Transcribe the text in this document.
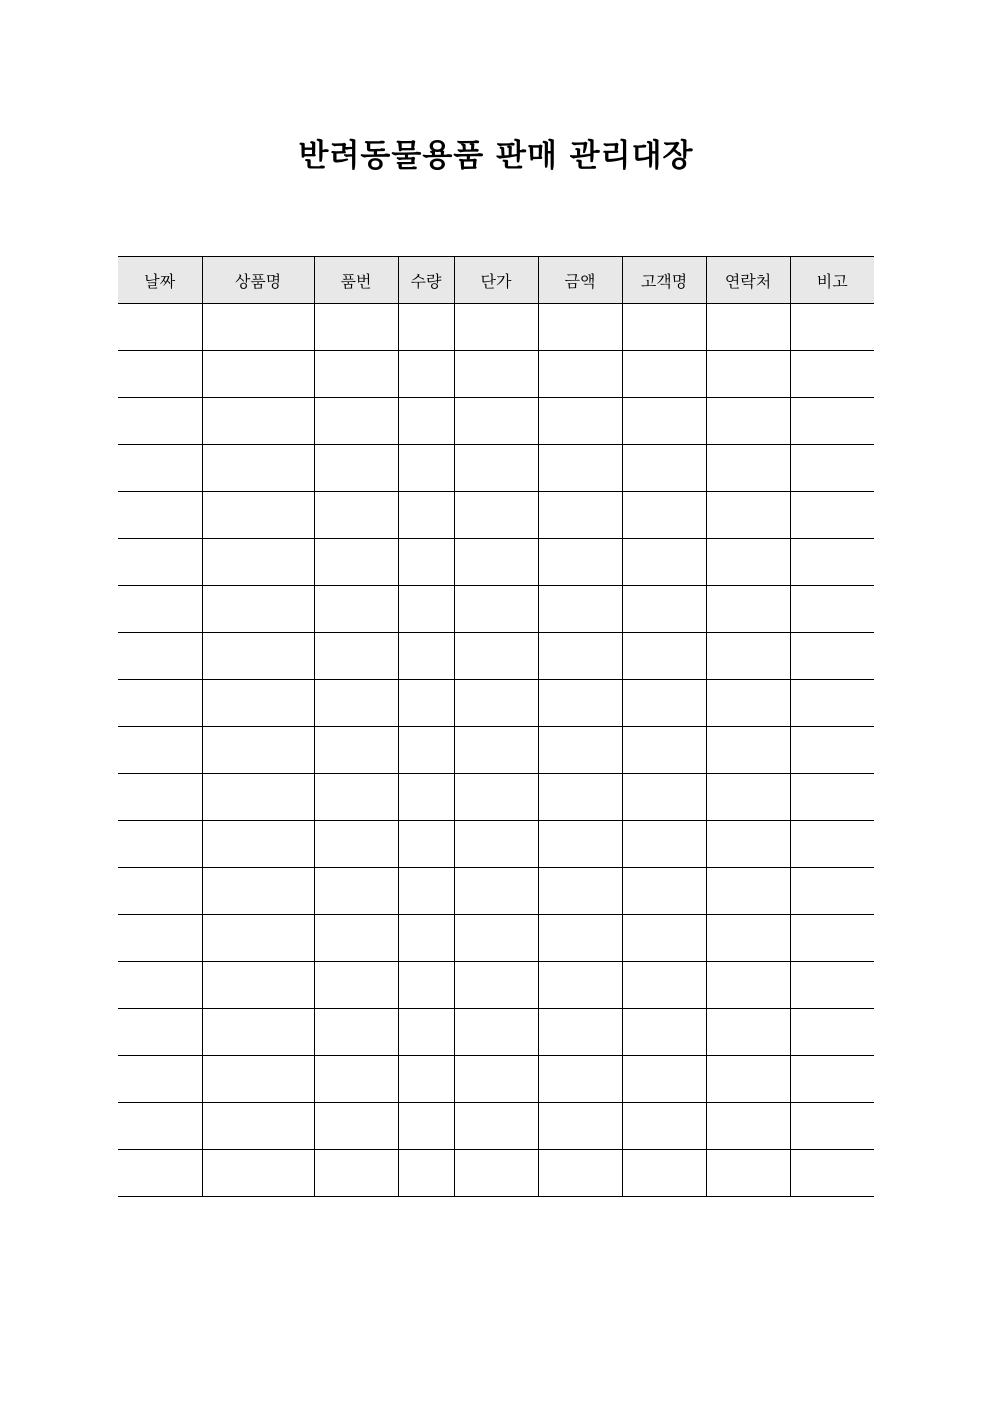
반려동물용품 판매 관리대장
날짜	상품명	품번	수량	단가	금액	고객명	연락처	비고
